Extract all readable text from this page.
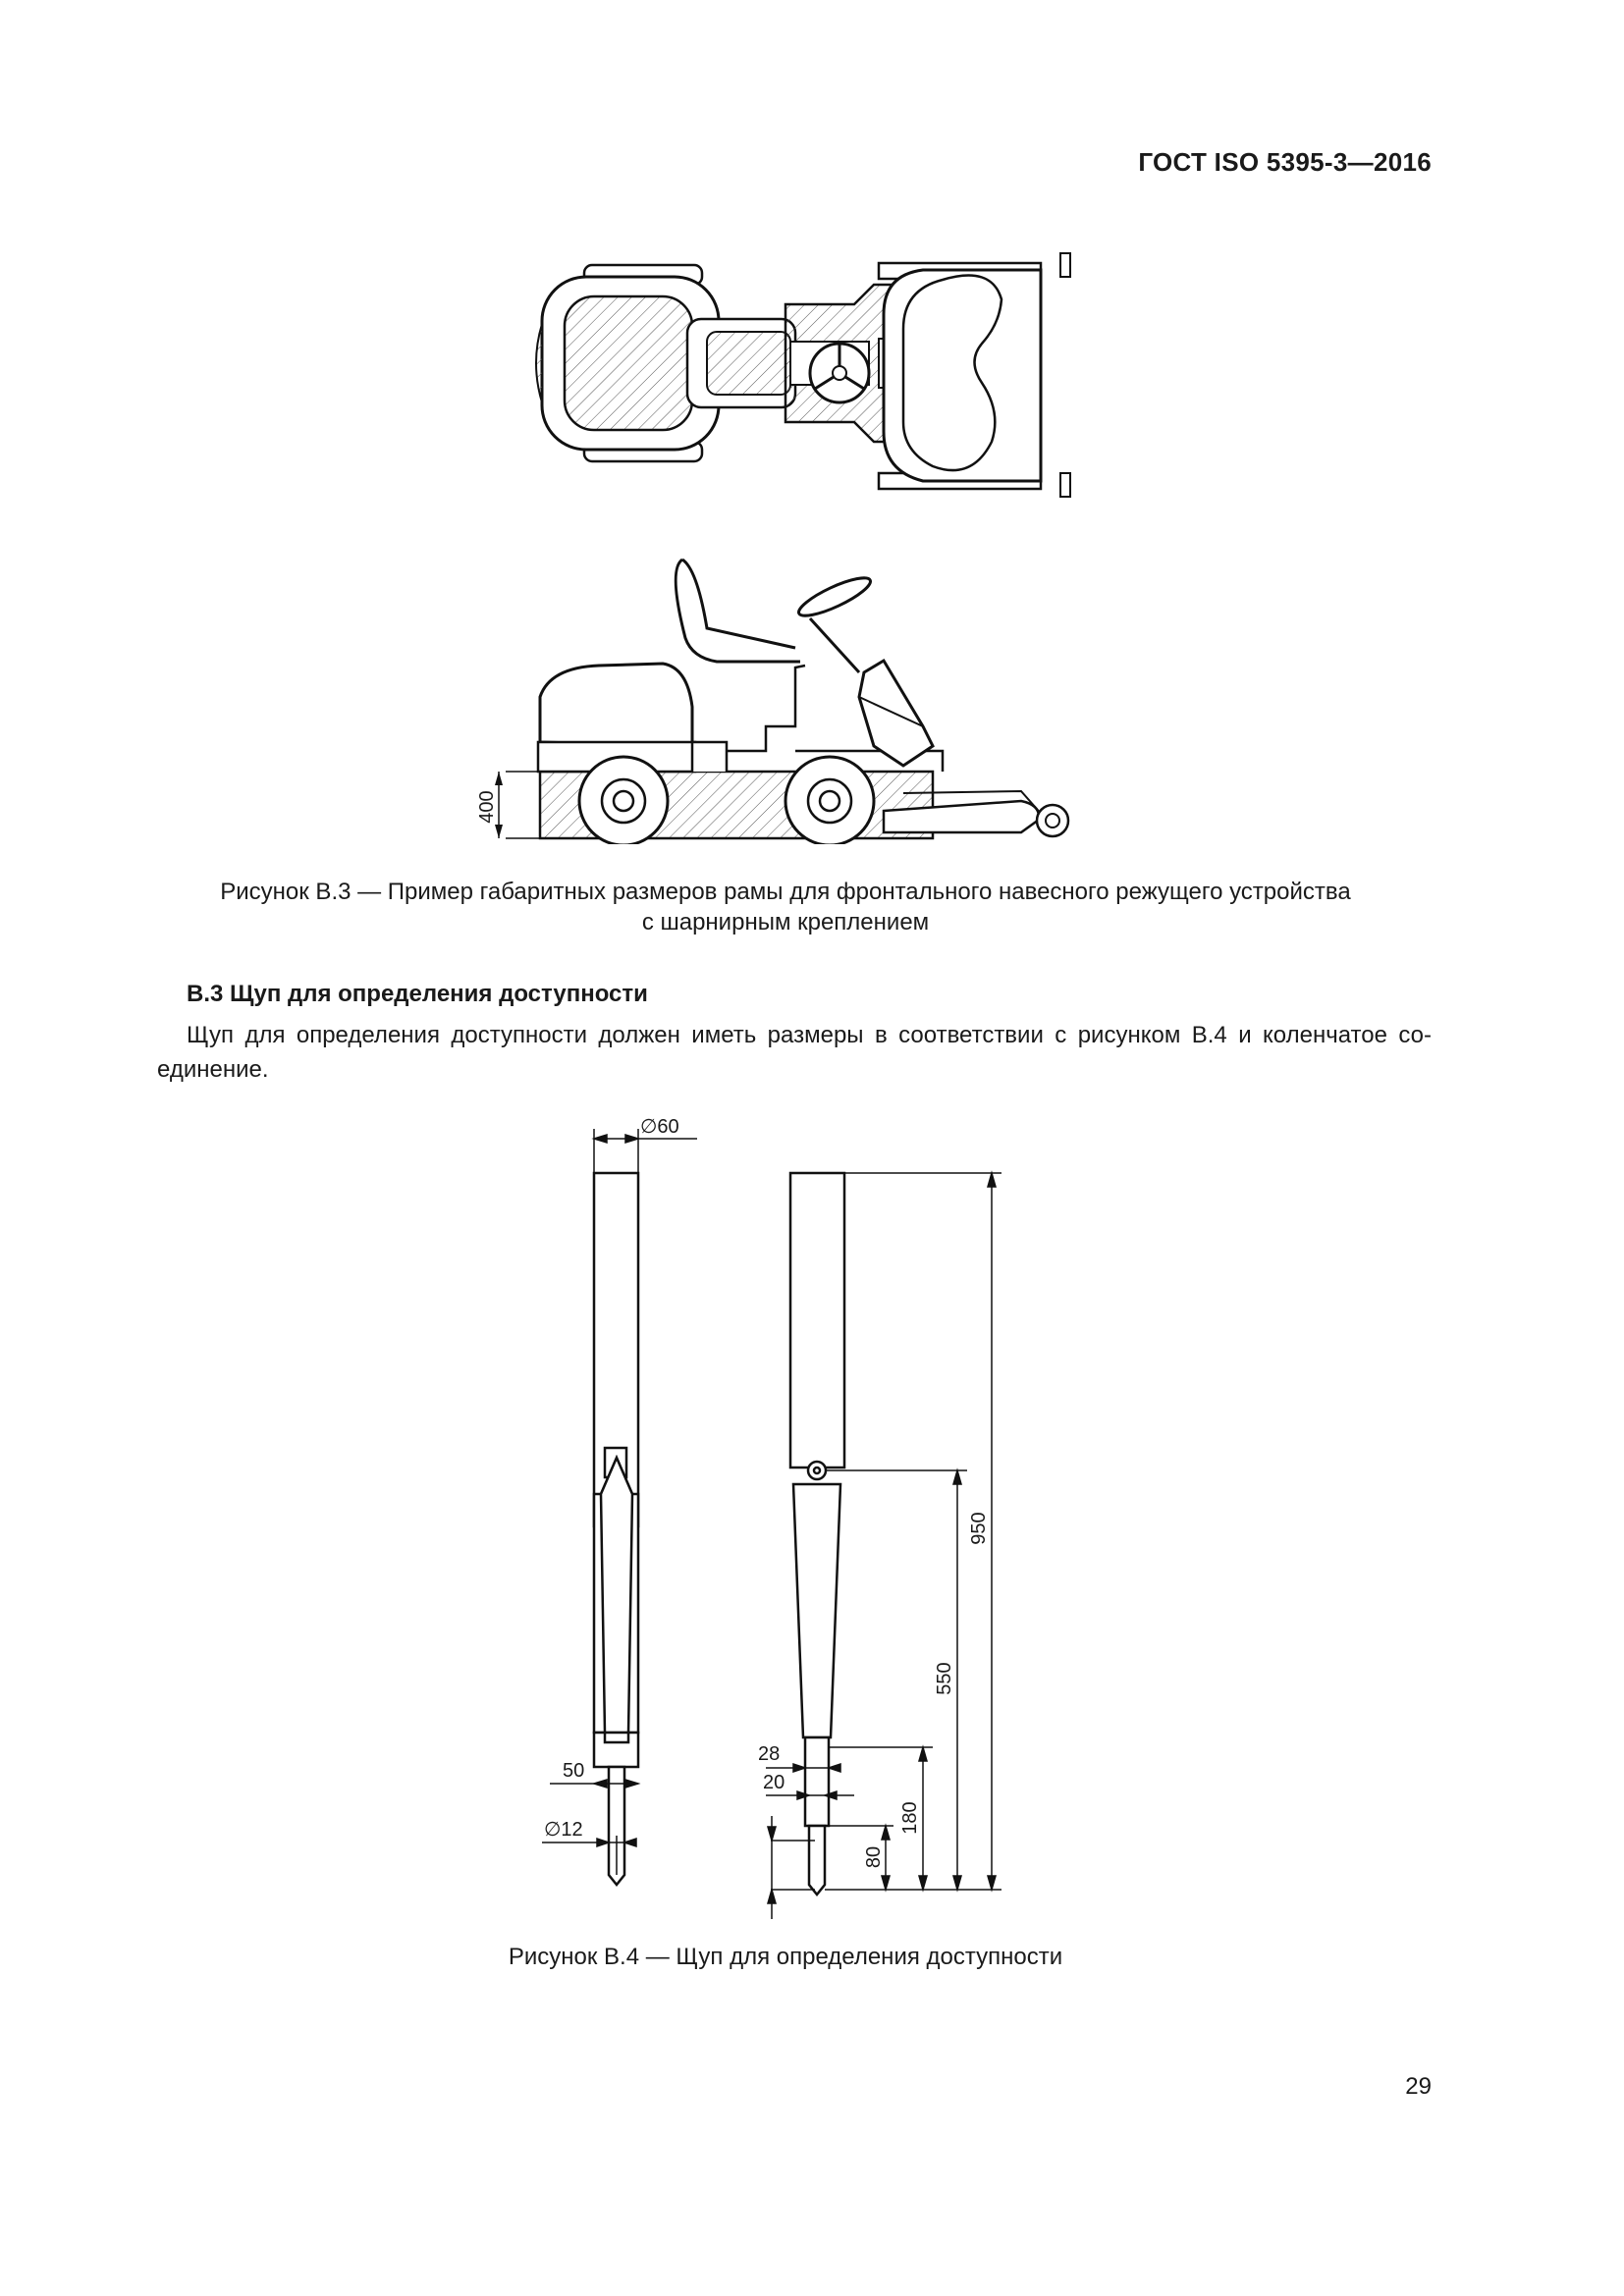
ГОСТ ISO 5395-3—2016
400
Рисунок B.3 — Пример габаритных размеров рамы для фронтального навесного режущего устройства
с шарнирным креплением
B.3 Щуп для определения доступности
Щуп для определения доступности должен иметь размеры в соответствии с рисунком B.4 и коленчатое со-
единение.
∅60
50
∅12
28
20
80
180
550
950
Рисунок B.4 — Щуп для определения доступности
29
